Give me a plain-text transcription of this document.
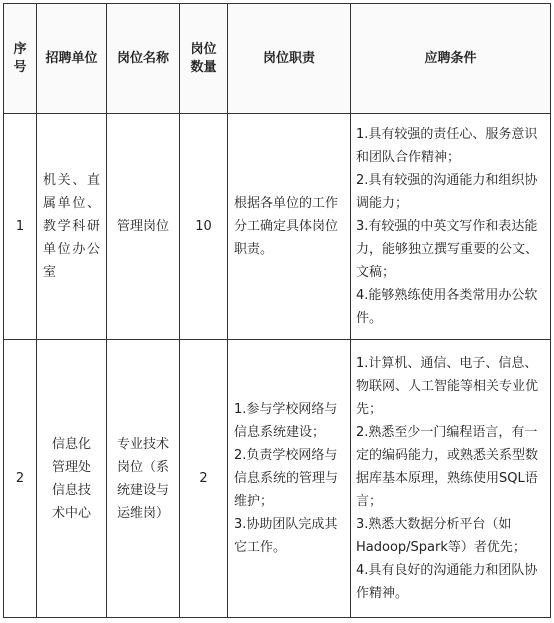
序号	招聘单位	岗位名称	岗位数量	岗位职责	应聘条件

1	机关、直属单位、教学科研单位办公室	管理岗位	10	根据各单位的工作分工确定具体岗位职责。	1.具有较强的责任心、服务意识和团队合作精神；
2.具有较强的沟通能力和组织协调能力；
3.有较强的中英文写作和表达能力，能够独立撰写重要的公文、文稿；
4.能够熟练使用各类常用办公软件。

2	信息化管理处信息技术中心	专业技术岗位（系统建设与运维岗）	2	1.参与学校网络与信息系统建设；
2.负责学校网络与信息系统的管理与维护；
3.协助团队完成其它工作。	1.计算机、通信、电子、信息、物联网、人工智能等相关专业优先；
2.熟悉至少一门编程语言，有一定的编码能力，或熟悉关系型数据库基本原理，熟练使用SQL语言；
3.熟悉大数据分析平台（如Hadoop/Spark等）者优先；
4.具有良好的沟通能力和团队协作精神。
